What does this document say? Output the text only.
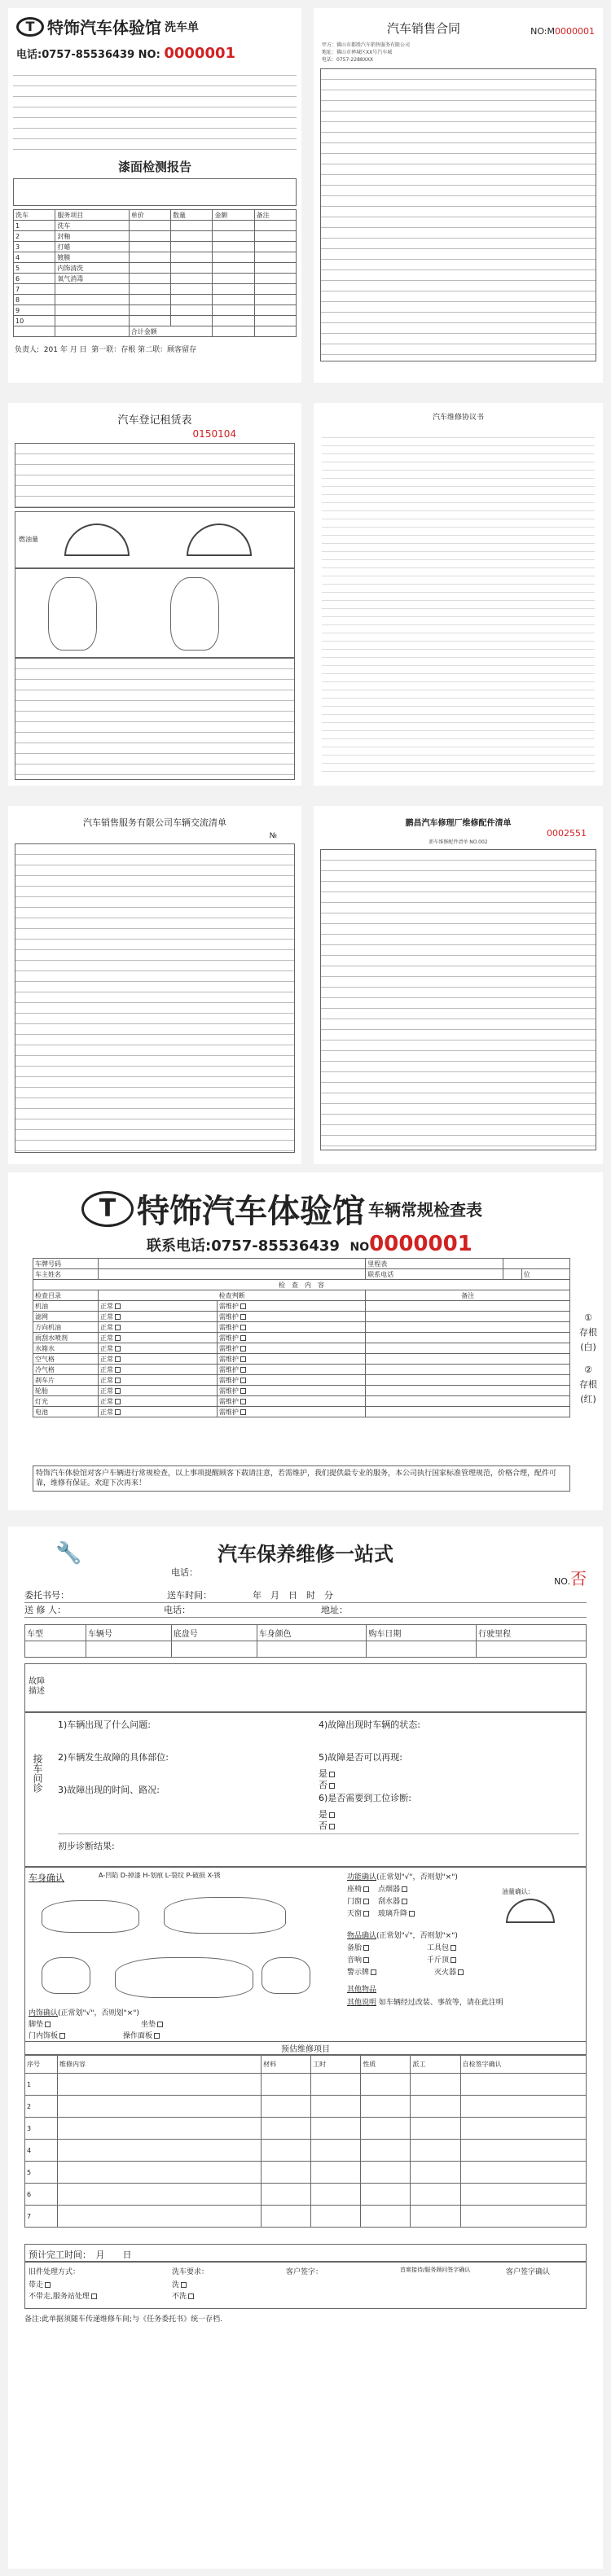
T 特饰汽车体验馆 洗车单
电话:0757-85536439 NO: 0000001
漆面检测报告
洗车	服务项目	单价	数量	金额	备注
1	洗车				
2	封釉				
3	打蜡				
4	镀膜				
5	内饰清洗				
6	氧气消毒				
7					
8					
9					
10					
		合计金额			
负责人: 201 年 月 日 第一联：存根 第二联：顾客留存
汽车销售合同	NO:M0000001
甲方：佛山市都胜汽车销售服务有限公司
地址：佛山市禅城区XX号汽车城
电话：0757-2288XXX
汽车登记租赁表
0150104
燃油量
汽车维修协议书
汽车销售服务有限公司车辆交流清单
№
鹏昌汽车修理厂维修配件清单
0002551
新车维修配件清单 NO.002
T 特饰汽车体验馆 车辆常规检查表
联系电话:0757-85536439 NO0000001
车牌号码			里程表		
车主姓名			联系电话		位
检　查　内　容					
检查目录	检查判断		备注		
机油	正常	需维护			
滤网	正常	需维护			
方向机油	正常	需维护			
雨刮水喷剂	正常	需维护			
水箱水	正常	需维护			
空气格	正常	需维护			
冷气格	正常	需维护			
刹车片	正常	需维护			
轮胎	正常	需维护			
灯光	正常	需维护			
电池	正常	需维护			
特饰汽车体验馆对客户车辆进行常规检查，以上事项提醒顾客下载请注意，若需维护，我们提供最专业的服务，本公司执行国家标准管理规范，价格合理，配件可靠，维修有保证。欢迎下次再来！
①
存根
(白)
②
存根
(红)
🔧	汽车保养维修一站式
电话：
NO.否
委托书号：	送车时间：	年　 月　 日　 时　 分
送 修 人：	电话：	地址：
车型	车辆号	底盘号	车身颜色	购车日期	行驶里程

故障描述
接车问诊
1)车辆出现了什么问题:
2)车辆发生故障的具体部位:
3)故障出现的时间、路况:
4)故障出现时车辆的状态:
5)故障是否可以再现:
是
否
6)是否需要到工位诊断:
是
否
初步诊断结果:
车身确认	A-凹陷 D-掉漆 H-划痕 L-裂纹 P-破损 X-锈	功能确认(正常划"√"，否则划"×")
座椅　 点烟器
门窗　 刮水器
天窗　 玻璃升降
油量确认:
物品确认(正常划"√"，否则划"×")
备胎　	工具包
音响　	千斤顶
警示牌　	灭火器
其他物品
其他说明 如车辆经过改装、事故等，请在此注明
内饰确认(正常划"√"，否则划"×")
脚垫　	坐垫
门内饰板　	操作面板
预估维修项目
序号	维修内容	材料	工时	性质	派工	自检签字确认
1						
2						
3						
4						
5						
6						
7						
预计完工时间：　 月　　日
旧件处理方式：
带走
不带走,服务站处理
洗车要求：
洗
不洗
客户签字：	首席接待/服务顾问签字确认	客户签字确认
备注:此单据须随车传递维修车间;与《任务委托书》统一存档.
